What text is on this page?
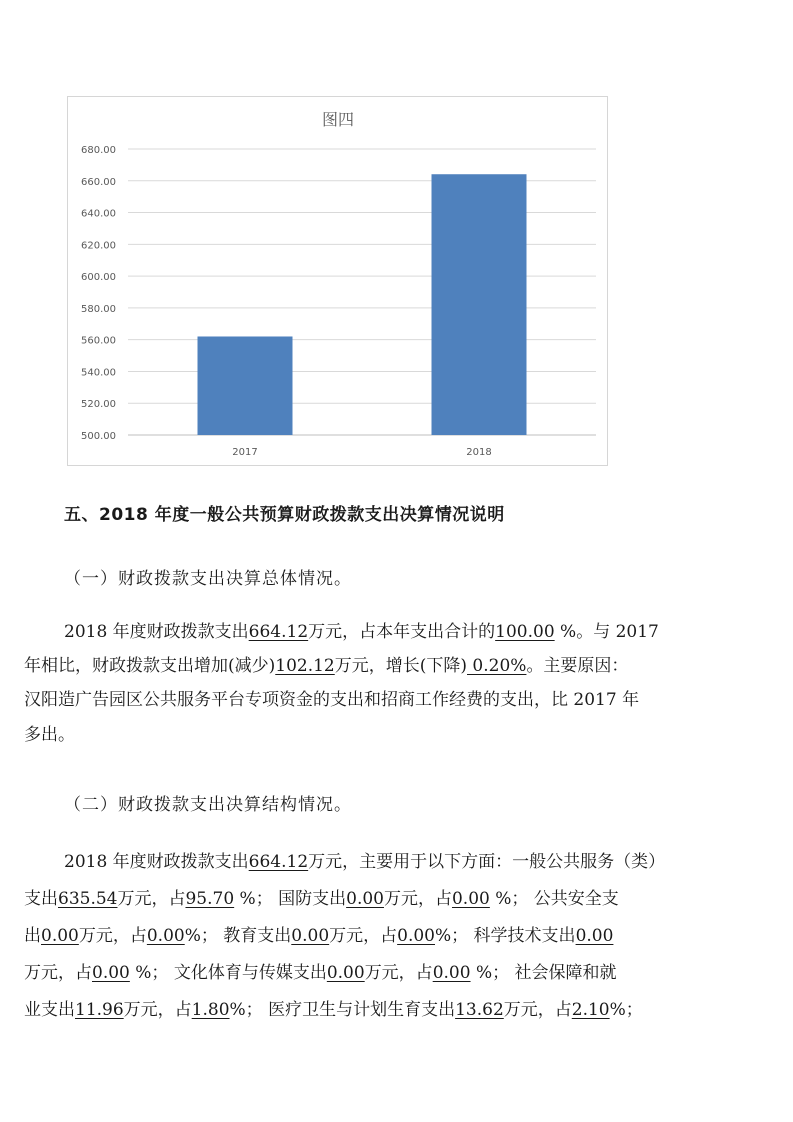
图四
500.00
520.00
540.00
560.00
580.00
600.00
620.00
640.00
660.00
680.00
2017	2018
五、2018 年度一般公共预算财政拨款支出决算情况说明
（一）财政拨款支出决算总体情况。
2018 年度财政拨款支出664.12万元，占本年支出合计的100.00 %。与 2017
年相比，财政拨款支出增加(减少)102.12万元，增长(下降) 0.20%。主要原因：
汉阳造广告园区公共服务平台专项资金的支出和招商工作经费的支出，比 2017 年
多出。
（二）财政拨款支出决算结构情况。
2018 年度财政拨款支出664.12万元，主要用于以下方面：一般公共服务（类）
支出635.54万元，占95.70 %； 国防支出0.00万元，占0.00 %； 公共安全支
出0.00万元，占0.00%； 教育支出0.00万元，占0.00%； 科学技术支出0.00
万元，占0.00 %； 文化体育与传媒支出0.00万元，占0.00 %； 社会保障和就
业支出11.96万元，占1.80%； 医疗卫生与计划生育支出13.62万元，占2.10%；
